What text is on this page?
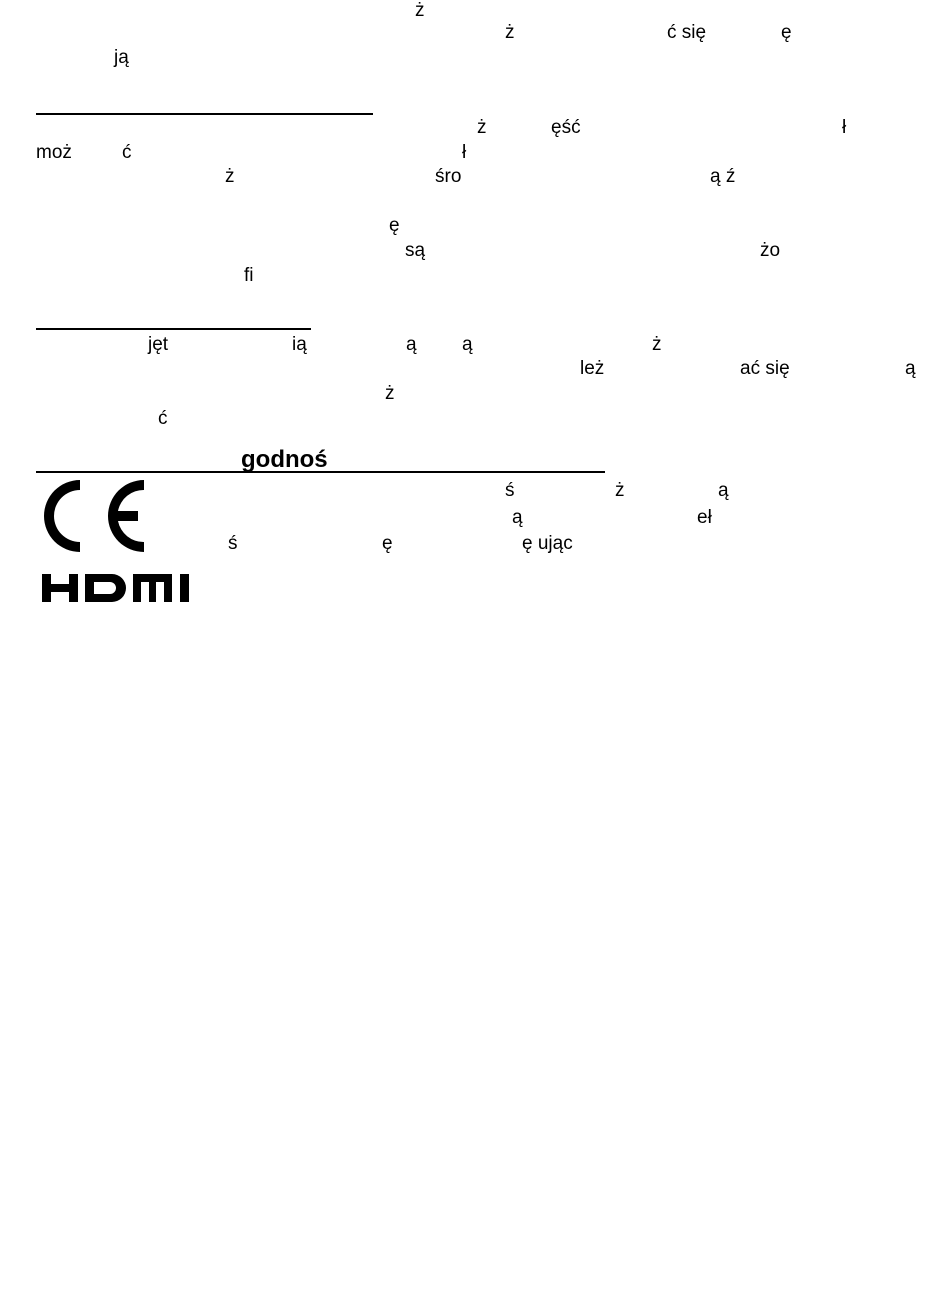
ż
ż	ć się	ę
ją
ż	ęść	ł
moż	ć	ł
ż	śro	ą ź
ę
są	żo
ﬁ
jęt	ią	ą ą	ż
leż	ać się	ą
ż
ć
godnoś
ś	ż	ą
ą	eł
ś	ę	ę ując
